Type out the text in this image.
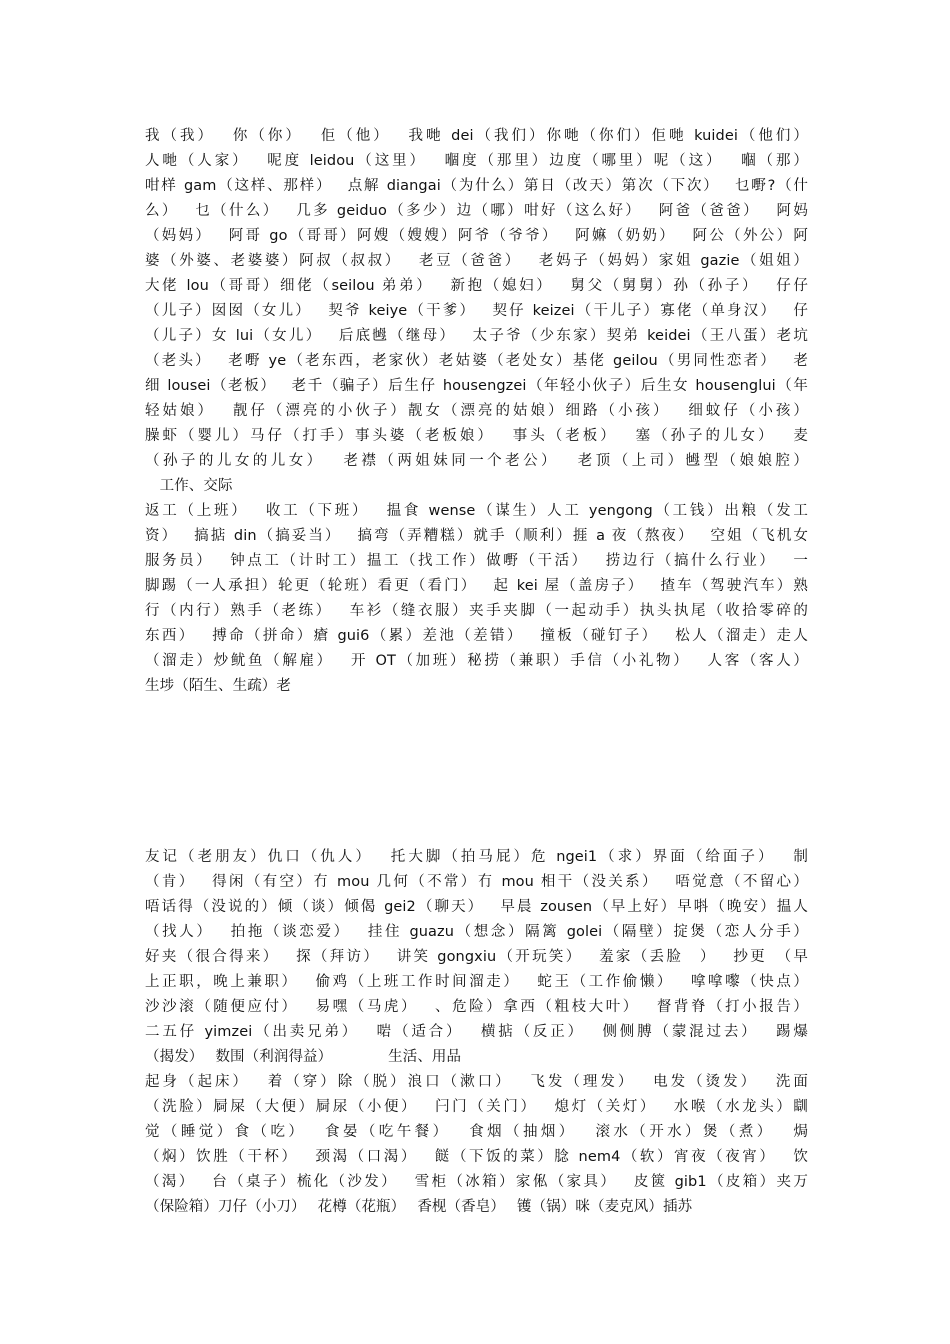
我（我）　 你（你）　 佢（他）　 我哋 dei（我们）你哋（你们）佢哋 kuidei（他们）
人哋（人家）　 呢度 leidou（这里）　 嗰度（那里）边度（哪里）呢（这）　 嗰（那）
咁样 gam（这样、那样）　 点解 diangai（为什么）第日（改天）第次（下次）　 乜嘢?（什
么）　 乜（什么）　 几多 geiduo（多少）边（哪）咁好（这么好）　 阿爸（爸爸）　 阿妈
（妈妈）　 阿哥 go（哥哥）阿嫂（嫂嫂）阿爷（爷爷）　 阿嫲（奶奶）　 阿公（外公）阿
婆（外婆、老婆婆）阿叔（叔叔）　 老豆（爸爸）　 老妈子（妈妈）家姐 gazie（姐姐）
大佬 lou（哥哥）细佬（seilou 弟弟）　 新抱（媳妇）　 舅父（舅舅）孙（孙子）　 仔仔
（儿子）囡囡（女儿）　 契爷 keiye（干爹）　 契仔 keizei（干儿子）寡佬（单身汉）　 仔
（儿子）女 lui（女儿）　 后底乸（继母）　 太子爷（少东家）契弟 keidei（王八蛋）老坑
（老头）　 老嘢 ye（老东西，老家伙）老姑婆（老处女）基佬 geilou（男同性恋者）　 老
细 lousei（老板）　 老千（骗子）后生仔 housengzei（年轻小伙子）后生女 housenglui（年
轻姑娘）　 靓仔（漂亮的小伙子）靓女（漂亮的姑娘）细路（小孩）　 细蚊仔（小孩）
臊虾（婴儿）马仔（打手）事头婆（老板娘）　 事头（老板）　 塞（孙子的儿女）　 麦
（孙子的儿女的儿女）　 老襟（两姐妹同一个老公）　 老顶（上司）乸型（娘娘腔）
　工作、交际
返工（上班）　 收工（下班）　 揾食 wense（谋生）人工 yengong（工钱）出粮（发工
资）　 搞掂 din（搞妥当）　 搞弯（弄糟糕）就手（顺利）捱 a 夜（熬夜）　 空姐（飞机女
服务员）　 钟点工（计时工）揾工（找工作）做嘢（干活）　 捞边行（搞什么行业）　 一
脚踢（一人承担）轮更（轮班）看更（看门）　 起 kei 屋（盖房子）　 揸车（驾驶汽车）熟
行（内行）熟手（老练）　 车衫（缝衣服）夹手夹脚（一起动手）执头执尾（收拾零碎的
东西）　 搏命（拼命）瘡 gui6（累）差池（差错）　 撞板（碰钉子）　 松人（溜走）走人
（溜走）炒鱿鱼（解雇）　 开 OT（加班）秘捞（兼职）手信（小礼物）　 人客（客人）
生埗（陌生、生疏）老
友记（老朋友）仇口（仇人）　 托大脚（拍马屁）危 ngei1（求）界面（给面子）　 制
（肯）　 得闲（有空）冇 mou 几何（不常）冇 mou 相干（没关系）　 唔觉意（不留心）
唔话得（没说的）倾（谈）倾偈 gei2（聊天）　 早晨 zousen（早上好）早唞（晚安）揾人
（找人）　 拍拖（谈恋爱）　 挂住 guazu（想念）隔篱 golei（隔壁）掟煲（恋人分手）
好夹（很合得来）　 探（拜访）　 讲笑 gongxiu（开玩笑）　 羞家（丢脸　）　 抄更　（早
上正职，晚上兼职）　 偷鸡（上班工作时间溜走）　 蛇王（工作偷懒）　 嗱嗱嚟（快点）
沙沙滚（随便应付）　 易嘿（马虎）　 、危险）拿西（粗枝大叶）　 督背脊（打小报告）
二五仔 yimzei（出卖兄弟）　 啱（适合）　 横掂（反正）　 侧侧膊（蒙混过去）　 踢爆
（揭发）　 数围（利润得益）　　　　 生活、用品
起身（起床）　 着（穿）除（脱）浪口（漱口）　 飞发（理发）　 电发（烫发）　 洗面
（洗脸）屙屎（大便）屙尿（小便）　 闩门（关门）　 熄灯（关灯）　 水喉（水龙头）瞓
觉（睡觉）食（吃）　 食晏（吃午餐）　 食烟（抽烟）　 滚水（开水）煲（煮）　 焗
（焖）饮胜（干杯）　 颈渴（口渴）　 餸（下饭的菜）腍 nem4（软）宵夜（夜宵）　 饮
（渴）　 台（桌子）梳化（沙发）　 雪柜（冰箱）家俬（家具）　 皮篋 gib1（皮箱）夹万
（保险箱）刀仔（小刀）　 花樽（花瓶）　 香枧（香皂）　 镬（锅）咪（麦克风）插苏
